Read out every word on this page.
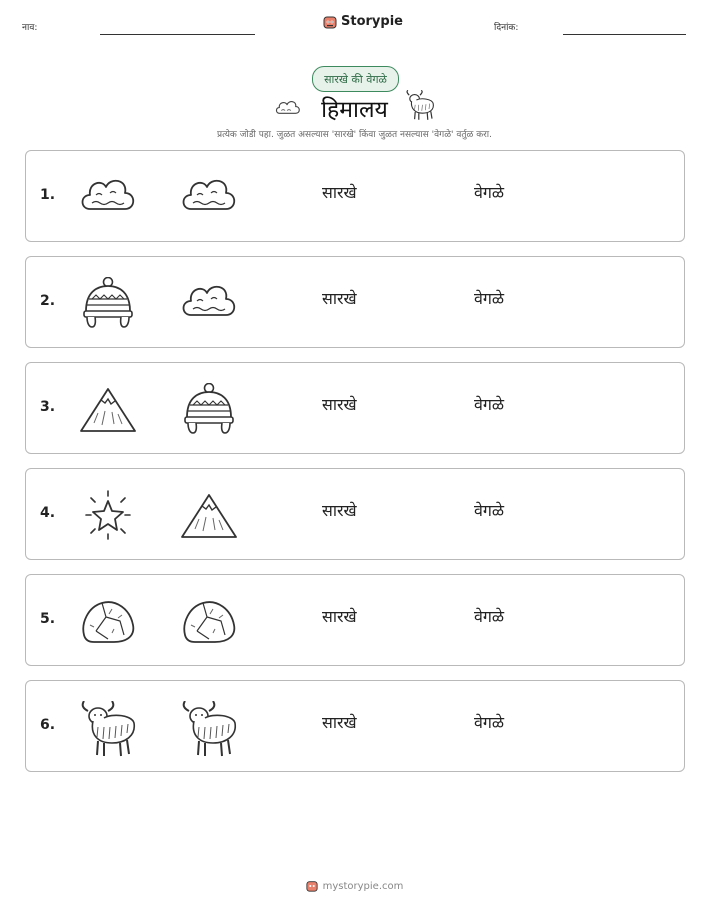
नाव:	Storypie	दिनांक:
सारखे की वेगळे
हिमालय
प्रत्येक जोडी पहा. जुळत असल्यास 'सारखे' किंवा जुळत नसल्यास 'वेगळे' वर्तुळ करा.
1.	सारखे	वेगळे
2.	सारखे	वेगळे
3.	सारखे	वेगळे
4.	सारखे	वेगळे
5.	सारखे	वेगळे
6.	सारखे	वेगळे
mystorypie.com
